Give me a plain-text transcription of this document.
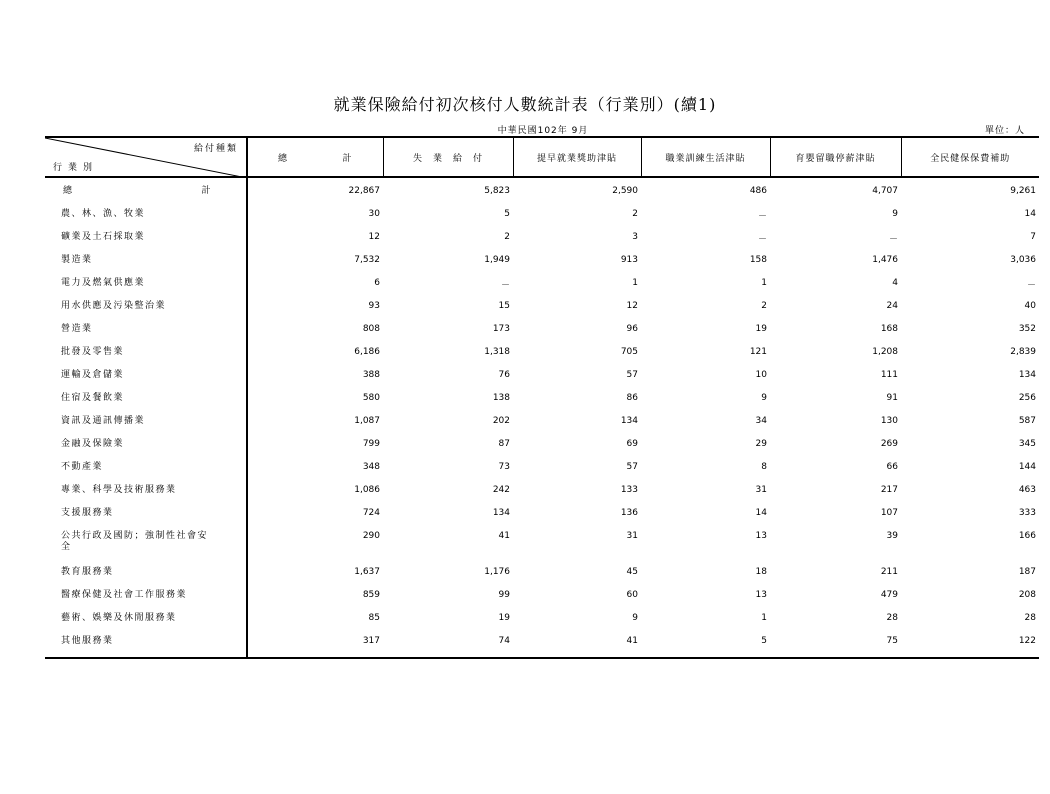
就業保險給付初次核付人數統計表（行業別）(續1)
中華民國102年 9月	單位：人
給付種類
行業別	總 計	失　業　給　付	提早就業獎助津貼	職業訓練生活津貼	育嬰留職停薪津貼	全民健保保費補助
總 計	22,867	5,823	2,590	486	4,707	9,261
農、林、漁、牧業	30	5	2	－	9	14
礦業及土石採取業	12	2	3	－	－	7
製造業	7,532	1,949	913	158	1,476	3,036
電力及燃氣供應業	6	－	1	1	4	－
用水供應及污染整治業	93	15	12	2	24	40
營造業	808	173	96	19	168	352
批發及零售業	6,186	1,318	705	121	1,208	2,839
運輸及倉儲業	388	76	57	10	111	134
住宿及餐飲業	580	138	86	9	91	256
資訊及通訊傳播業	1,087	202	134	34	130	587
金融及保險業	799	87	69	29	269	345
不動產業	348	73	57	8	66	144
專業、科學及技術服務業	1,086	242	133	31	217	463
支援服務業	724	134	136	14	107	333
公共行政及國防；強制性社會安全	290	41	31	13	39	166
教育服務業	1,637	1,176	45	18	211	187
醫療保健及社會工作服務業	859	99	60	13	479	208
藝術、娛樂及休閒服務業	85	19	9	1	28	28
其他服務業	317	74	41	5	75	122
